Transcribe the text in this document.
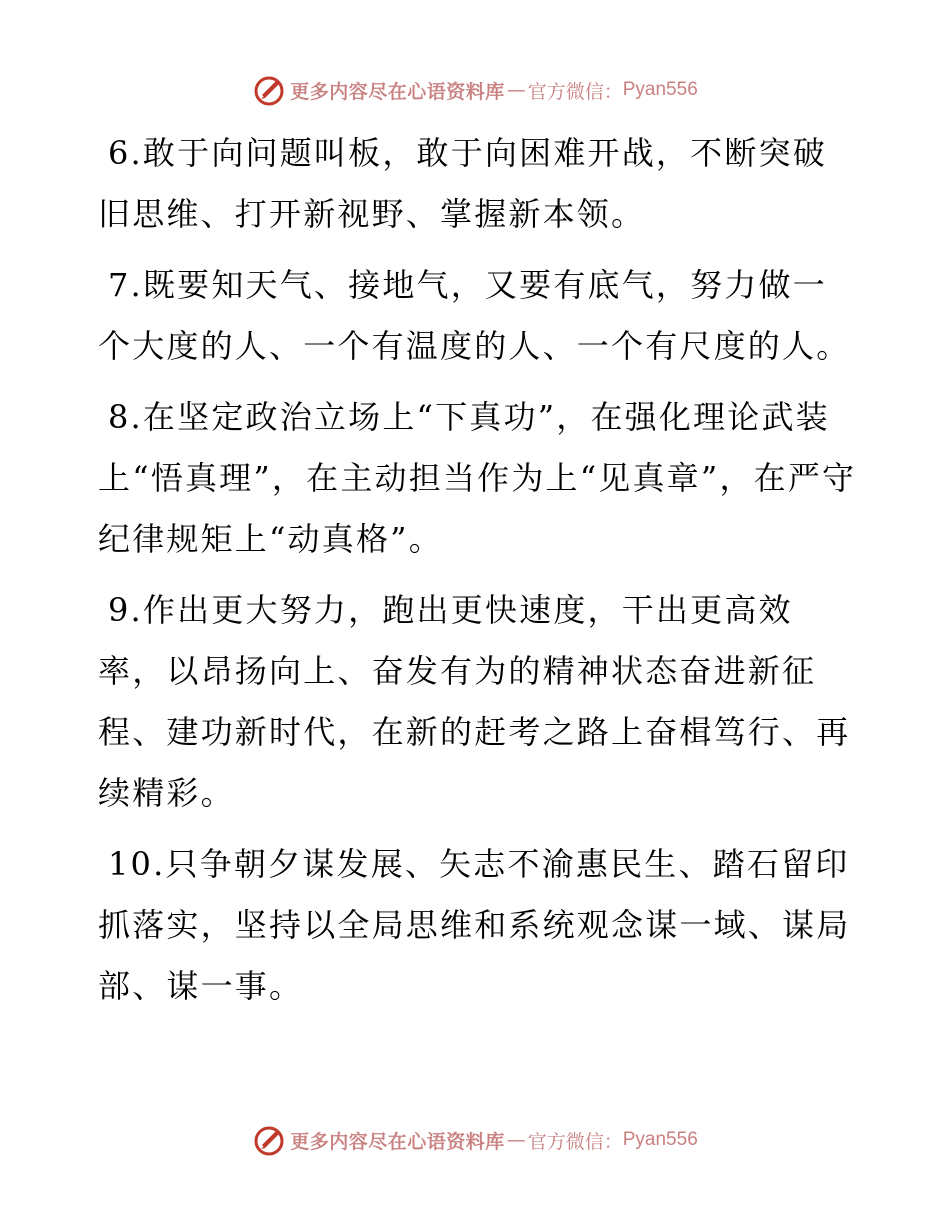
更多内容尽在心语资料库 — 官方微信： Pyan556

6.敢于向问题叫板，敢于向困难开战，不断突破旧思维、打开新视野、掌握新本领。

7.既要知天气、接地气，又要有底气，努力做一个大度的人、一个有温度的人、一个有尺度的人。

8.在坚定政治立场上“下真功”，在强化理论武装上“悟真理”，在主动担当作为上“见真章”，在严守纪律规矩上“动真格”。

9.作出更大努力，跑出更快速度，干出更高效率，以昂扬向上、奋发有为的精神状态奋进新征程、建功新时代，在新的赶考之路上奋楫笃行、再续精彩。

10.只争朝夕谋发展、矢志不渝惠民生、踏石留印抓落实，坚持以全局思维和系统观念谋一域、谋局部、谋一事。

更多内容尽在心语资料库 — 官方微信： Pyan556
